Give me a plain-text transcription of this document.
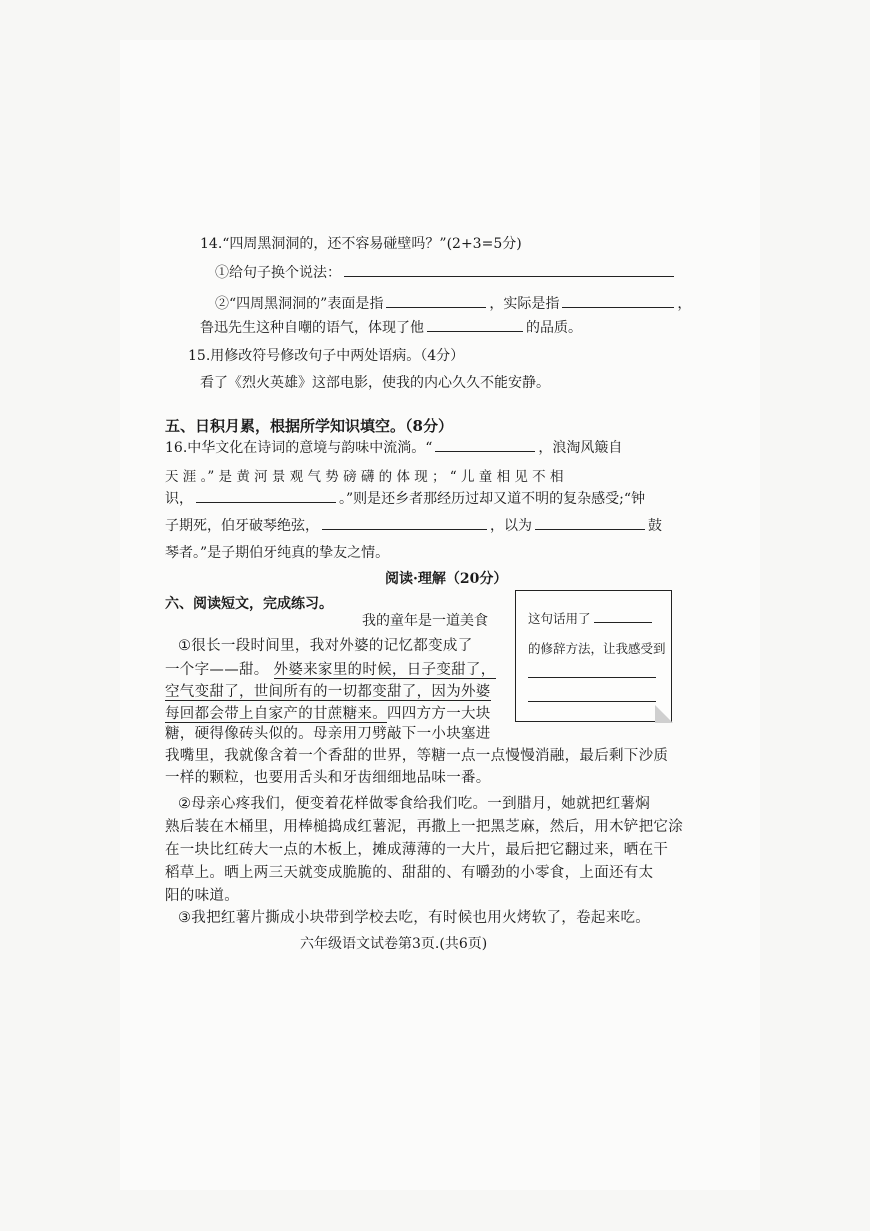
14.“四周黑洞洞的，还不容易碰壁吗？”(2+3=5分)
①给句子换个说法：
②“四周黑洞洞的”表面是指	，实际是指	，
鲁迅先生这种自嘲的语气，体现了他	的品质。
15.用修改符号修改句子中两处语病。（4分）
看了《烈火英雄》这部电影，使我的内心久久不能安静。
五、日积月累，根据所学知识填空。（8分）
16.中华文化在诗词的意境与韵味中流淌。“	，浪淘风簸自
天 涯 。” 是 黄 河 景 观 气 势 磅 礴 的 体 现 ； “ 儿 童 相 见 不 相
识，	。”则是还乡者那经历过却又道不明的复杂感受;“钟
子期死，伯牙破琴绝弦，	，以为	鼓
琴者。”是子期伯牙纯真的挚友之情。
阅读·理解（20分）
六、阅读短文，完成练习。
我的童年是一道美食
①很长一段时间里，我对外婆的记忆都变成了
一个字——甜。 外婆来家里的时候，日子变甜了，
空气变甜了，世间所有的一切都变甜了，因为外婆
每回都会带上自家产的甘蔗糖来。四四方方一大块
糖，硬得像砖头似的。母亲用刀劈敲下一小块塞进
我嘴里，我就像含着一个香甜的世界，等糖一点一点慢慢消融，最后剩下沙质
一样的颗粒，也要用舌头和牙齿细细地品味一番。
②母亲心疼我们，便变着花样做零食给我们吃。一到腊月，她就把红薯焖
熟后装在木桶里，用棒槌捣成红薯泥，再撒上一把黑芝麻，然后，用木铲把它涂
在一块比红砖大一点的木板上，摊成薄薄的一大片，最后把它翻过来，晒在干
稻草上。晒上两三天就变成脆脆的、甜甜的、有嚼劲的小零食，上面还有太
阳的味道。
③我把红薯片撕成小块带到学校去吃，有时候也用火烤软了，卷起来吃。
这句话用了
的修辞方法，让我感受到
六年级语文试卷第3页.(共6页)
